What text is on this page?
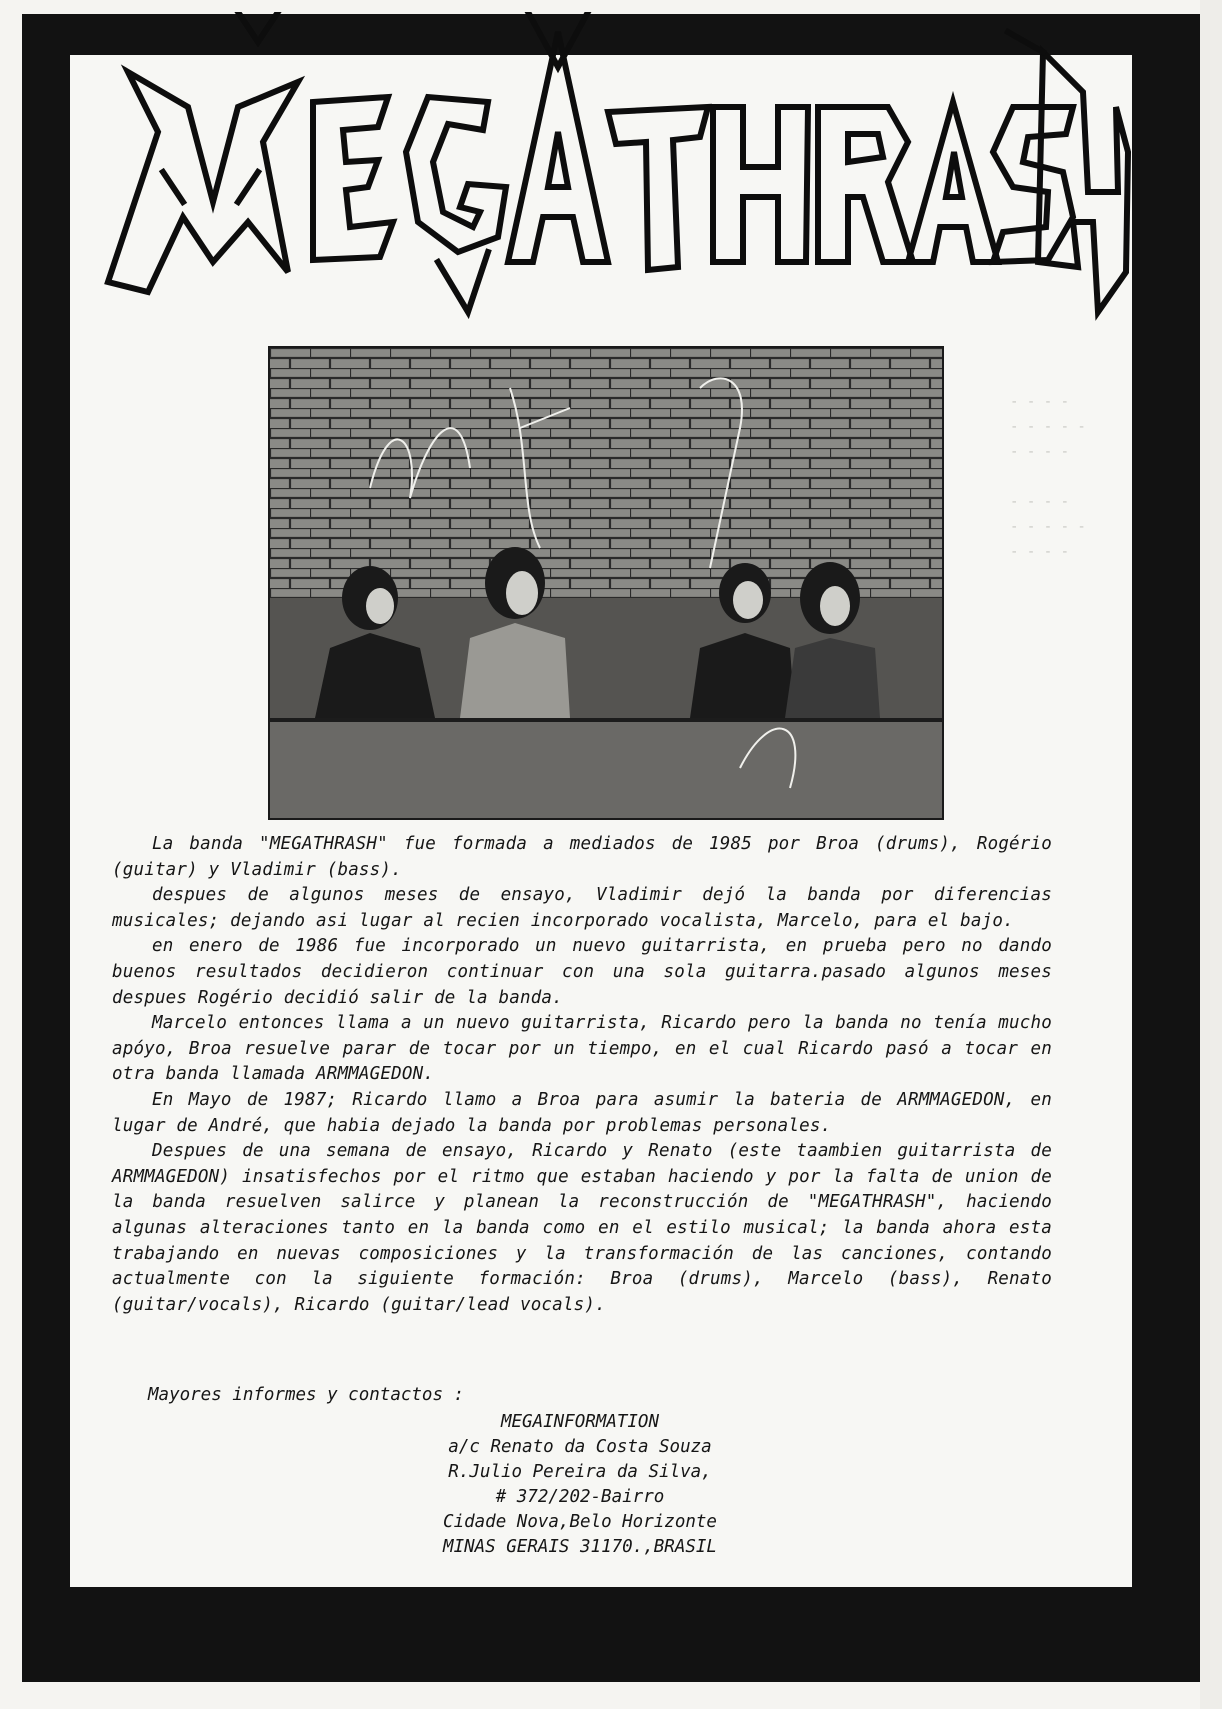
- - - -
- - - - -
- - - -

- - - -
- - - - -
- - - -

La banda "MEGATHRASH" fue formada a mediados de 1985 por Broa (drums), Rogério (guitar) y Vladimir (bass).

despues de algunos meses de ensayo, Vladimir dejó la banda por diferencias musicales; dejando asi lugar al recien incorporado vocalista, Marcelo, para el bajo.

en enero de 1986 fue incorporado un nuevo guitarrista, en prueba pero no dando buenos resultados decidieron continuar con una sola guitarra.pasado algunos meses despues Rogério decidió salir de la banda.

Marcelo entonces llama a un nuevo guitarrista, Ricardo pero la banda no tenía mucho apóyo, Broa resuelve parar de tocar por un tiempo, en el cual Ricardo pasó a tocar en otra banda llamada ARMMAGEDON.

En Mayo de 1987; Ricardo llamo a Broa para asumir la bateria de ARMMAGEDON, en lugar de André, que habia dejado la banda por problemas personales.

Despues de una semana de ensayo, Ricardo y Renato (este taambien guitarrista de ARMMAGEDON) insatisfechos por el ritmo que estaban haciendo y por la falta de union de la banda resuelven salirce y planean la reconstrucción de "MEGATHRASH", haciendo algunas alteraciones tanto en la banda como en el estilo musical; la banda ahora esta trabajando en nuevas composiciones y la transformación de las canciones, contando actualmente con la siguiente formación: Broa (drums), Marcelo (bass), Renato (guitar/vocals), Ricardo (guitar/lead vocals).

Mayores informes y contactos :
MEGAINFORMATION
a/c Renato da Costa Souza
R.Julio Pereira da Silva,
# 372/202-Bairro
Cidade Nova,Belo Horizonte
MINAS GERAIS 31170.,BRASIL
